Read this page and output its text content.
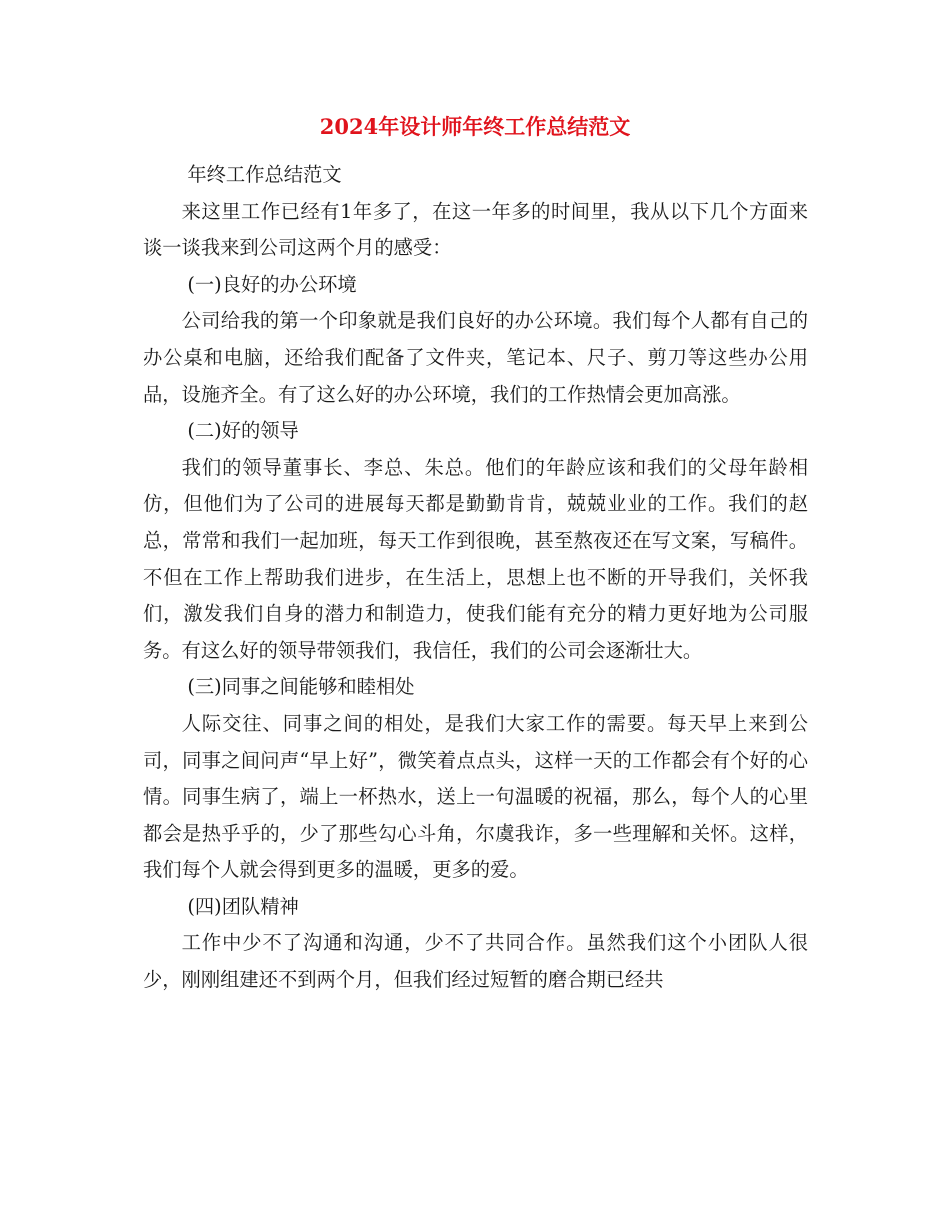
2024年设计师年终工作总结范文

年终工作总结范文

来这里工作已经有1年多了，在这一年多的时间里，我从以下几个方面来谈一谈我来到公司这两个月的感受：

(一)良好的办公环境

公司给我的第一个印象就是我们良好的办公环境。我们每个人都有自己的办公桌和电脑，还给我们配备了文件夹，笔记本、尺子、剪刀等这些办公用品，设施齐全。有了这么好的办公环境，我们的工作热情会更加高涨。

(二)好的领导

我们的领导董事长、李总、朱总。他们的年龄应该和我们的父母年龄相仿，但他们为了公司的进展每天都是勤勤肯肯，兢兢业业的工作。我们的赵总，常常和我们一起加班，每天工作到很晚，甚至熬夜还在写文案，写稿件。不但在工作上帮助我们进步，在生活上，思想上也不断的开导我们，关怀我们，激发我们自身的潜力和制造力，使我们能有充分的精力更好地为公司服务。有这么好的领导带领我们，我信任，我们的公司会逐渐壮大。

(三)同事之间能够和睦相处

人际交往、同事之间的相处，是我们大家工作的需要。每天早上来到公司，同事之间问声“早上好”，微笑着点点头，这样一天的工作都会有个好的心情。同事生病了，端上一杯热水，送上一句温暖的祝福，那么，每个人的心里都会是热乎乎的，少了那些勾心斗角，尔虞我诈，多一些理解和关怀。这样，我们每个人就会得到更多的温暖，更多的爱。

(四)团队精神

工作中少不了沟通和沟通，少不了共同合作。虽然我们这个小团队人很少，刚刚组建还不到两个月，但我们经过短暂的磨合期已经共
